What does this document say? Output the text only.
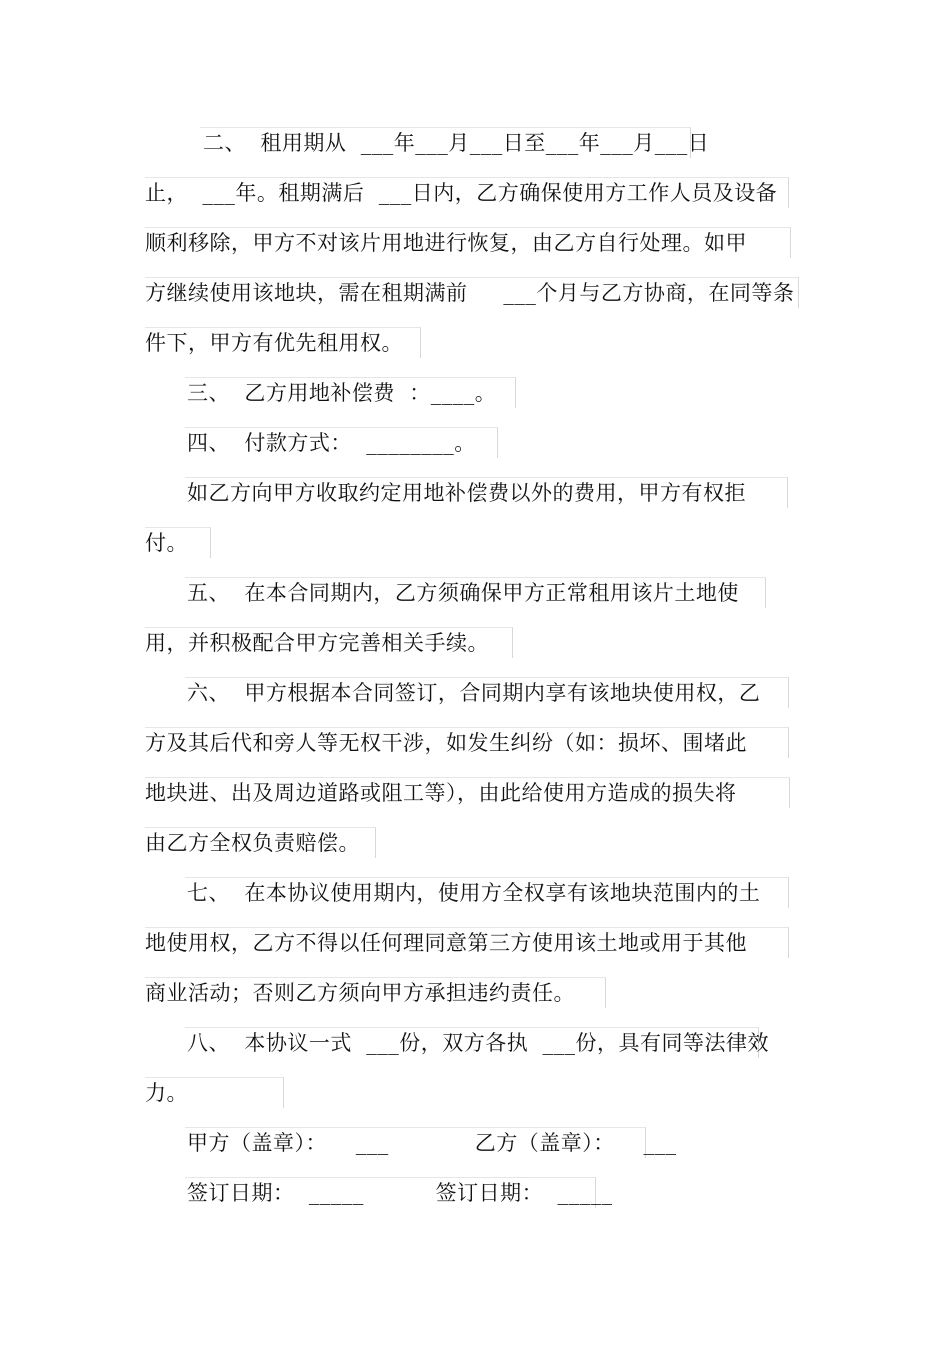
二、  租用期从  ___年___月___日至___年___月___日
止，  ___年。租期满后  ___日内，乙方确保使用方工作人员及设备
顺利移除，甲方不对该片用地进行恢复，由乙方自行处理。如甲
方继续使用该地块，需在租期满前     ___个月与乙方协商，在同等条
件下，甲方有优先租用权。
三、  乙方用地补偿费  ：____。
四、  付款方式：  ________。
如乙方向甲方收取约定用地补偿费以外的费用，甲方有权拒
付。
五、  在本合同期内，乙方须确保甲方正常租用该片土地使
用，并积极配合甲方完善相关手续。
六、  甲方根据本合同签订，合同期内享有该地块使用权，乙
方及其后代和旁人等无权干涉，如发生纠纷（如：损坏、围堵此
地块进、出及周边道路或阻工等），由此给使用方造成的损失将
由乙方全权负责赔偿。
七、  在本协议使用期内，使用方全权享有该地块范围内的土
地使用权，乙方不得以任何理同意第三方使用该土地或用于其他
商业活动；否则乙方须向甲方承担违约责任。
八、  本协议一式  ___份，双方各执  ___份，具有同等法律效
力。
甲方（盖章）：    ___            乙方（盖章）：    ___
签订日期：  _____          签订日期：  _____
